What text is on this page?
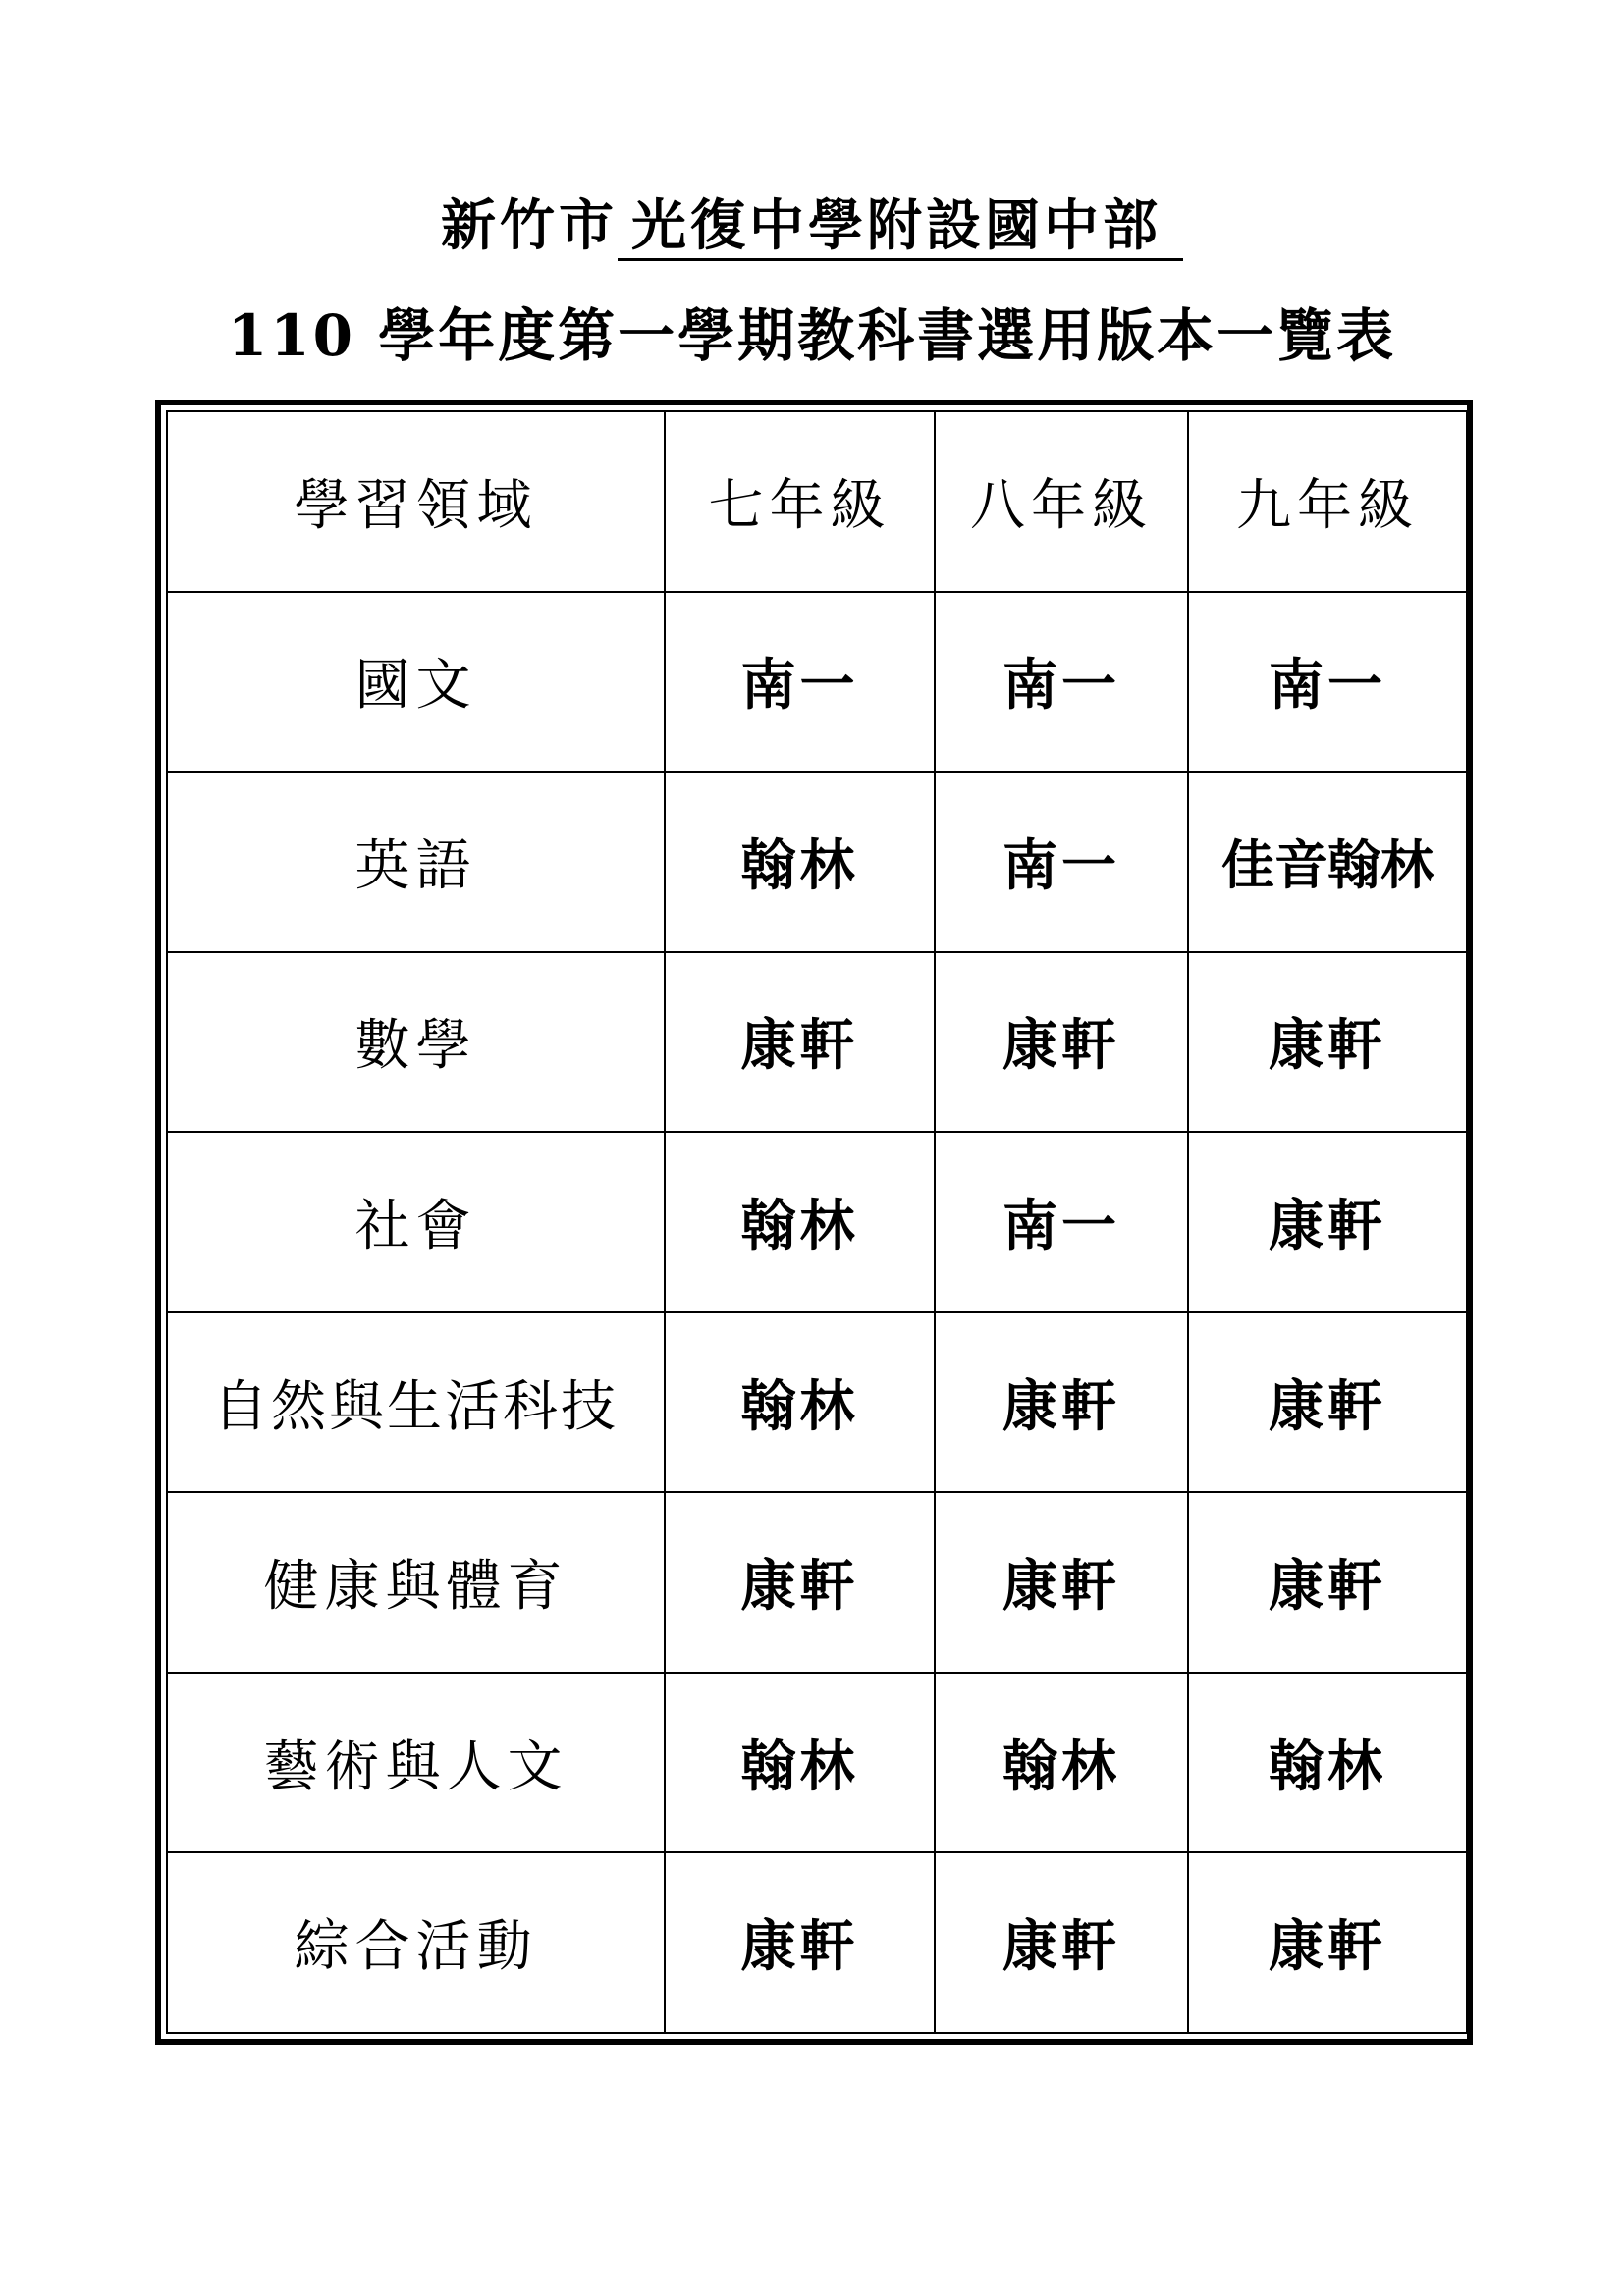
新竹市 光復中學附設國中部
110 學年度第一學期教科書選用版本一覽表
學習領域	七年級	八年級	九年級
國文	南一	南一	南一
英語	翰林	南一	佳音翰林
數學	康軒	康軒	康軒
社會	翰林	南一	康軒
自然與生活科技	翰林	康軒	康軒
健康與體育	康軒	康軒	康軒
藝術與人文	翰林	翰林	翰林
綜合活動	康軒	康軒	康軒
